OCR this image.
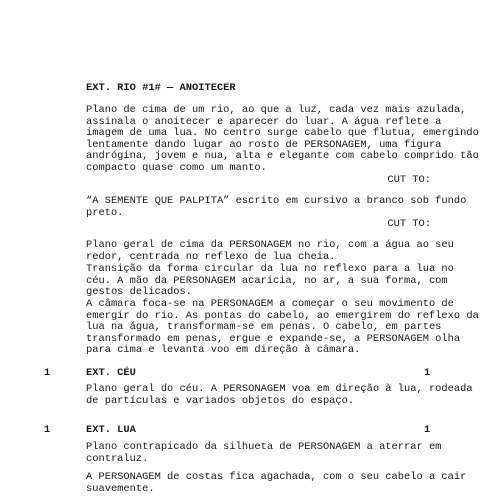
EXT. RIO #1# — ANOITECER
Plano de cima de um rio, ao que a luz, cada vez mais azulada,
assinala o anoitecer e aparecer do luar. A água reflete a
imagem de uma lua. No centro surge cabelo que flutua, emergindo
lentamente dando lugar ao rosto de PERSONAGEM, uma figura
andrógina, jovem e nua, alta e elegante com cabelo comprido tão
compacto quase como um manto.
CUT TO:
“A SEMENTE QUE PALPITA” escrito em cursivo a branco sob fundo
preto.
CUT TO:
Plano geral de cima da PERSONAGEM no rio, com a água ao seu
redor, centrada no reflexo de lua cheia.
Transição da forma circular da lua no reflexo para a lua no
céu. A mão da PERSONAGEM acaricia, no ar, a sua forma, com
gestos delicados.
A câmara foca-se na PERSONAGEM a começar o seu movimento de
emergir do rio. As pontas do cabelo, ao emergirem do reflexo da
lua na água, transformam-se em penas. O cabelo, em partes
transformado em penas, ergue e expande-se, a PERSONAGEM olha
para cima e levanta voo em direção à câmara.
1	EXT. CÉU	1
Plano geral do céu. A PERSONAGEM voa em direção à lua, rodeada
de partículas e variados objetos do espaço.
1	EXT. LUA	1
Plano contrapicado da silhueta de PERSONAGEM a aterrar em
contraluz.
A PERSONAGEM de costas fica agachada, com o seu cabelo a cair
suavemente.
